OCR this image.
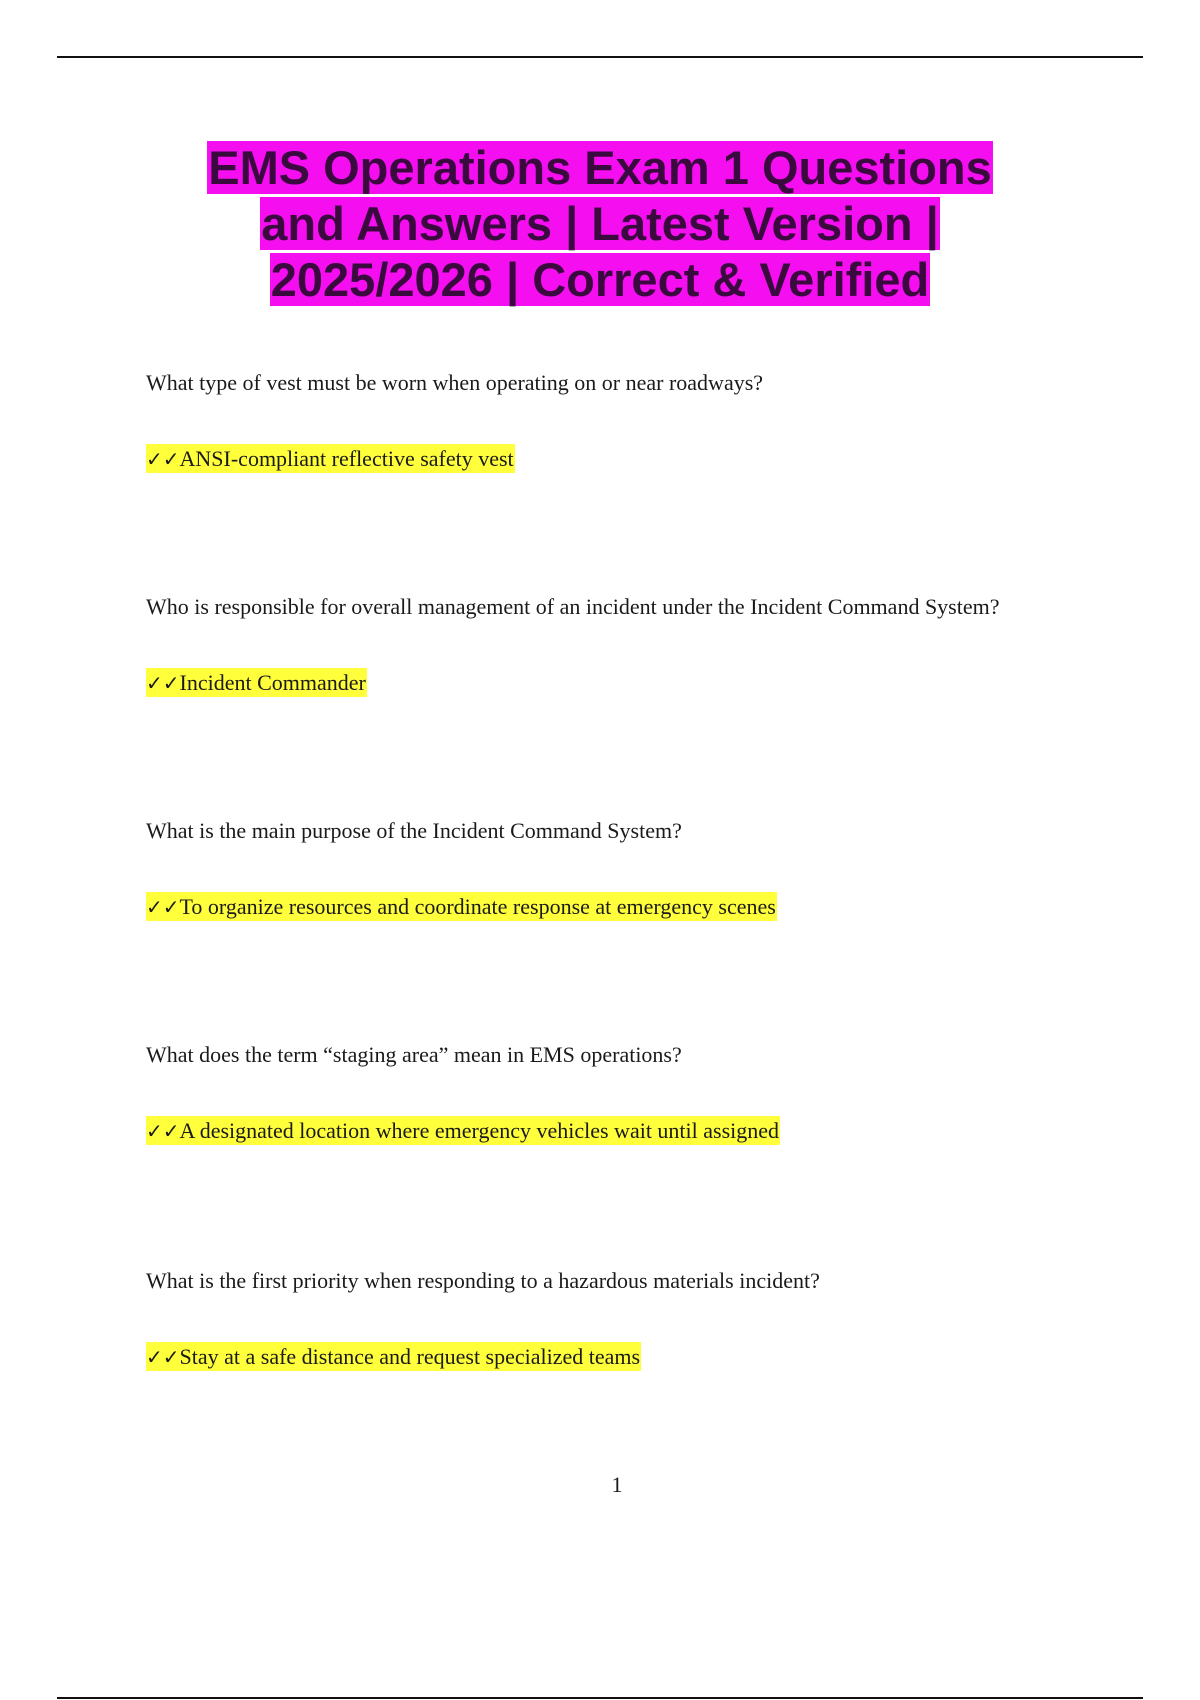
EMS Operations Exam 1 Questions
and Answers | Latest Version |
2025/2026 | Correct & Verified

What type of vest must be worn when operating on or near roadways?

✓✓ANSI-compliant reflective safety vest

Who is responsible for overall management of an incident under the Incident Command System?

✓✓Incident Commander

What is the main purpose of the Incident Command System?

✓✓To organize resources and coordinate response at emergency scenes

What does the term “staging area” mean in EMS operations?

✓✓A designated location where emergency vehicles wait until assigned

What is the first priority when responding to a hazardous materials incident?

✓✓Stay at a safe distance and request specialized teams

1
